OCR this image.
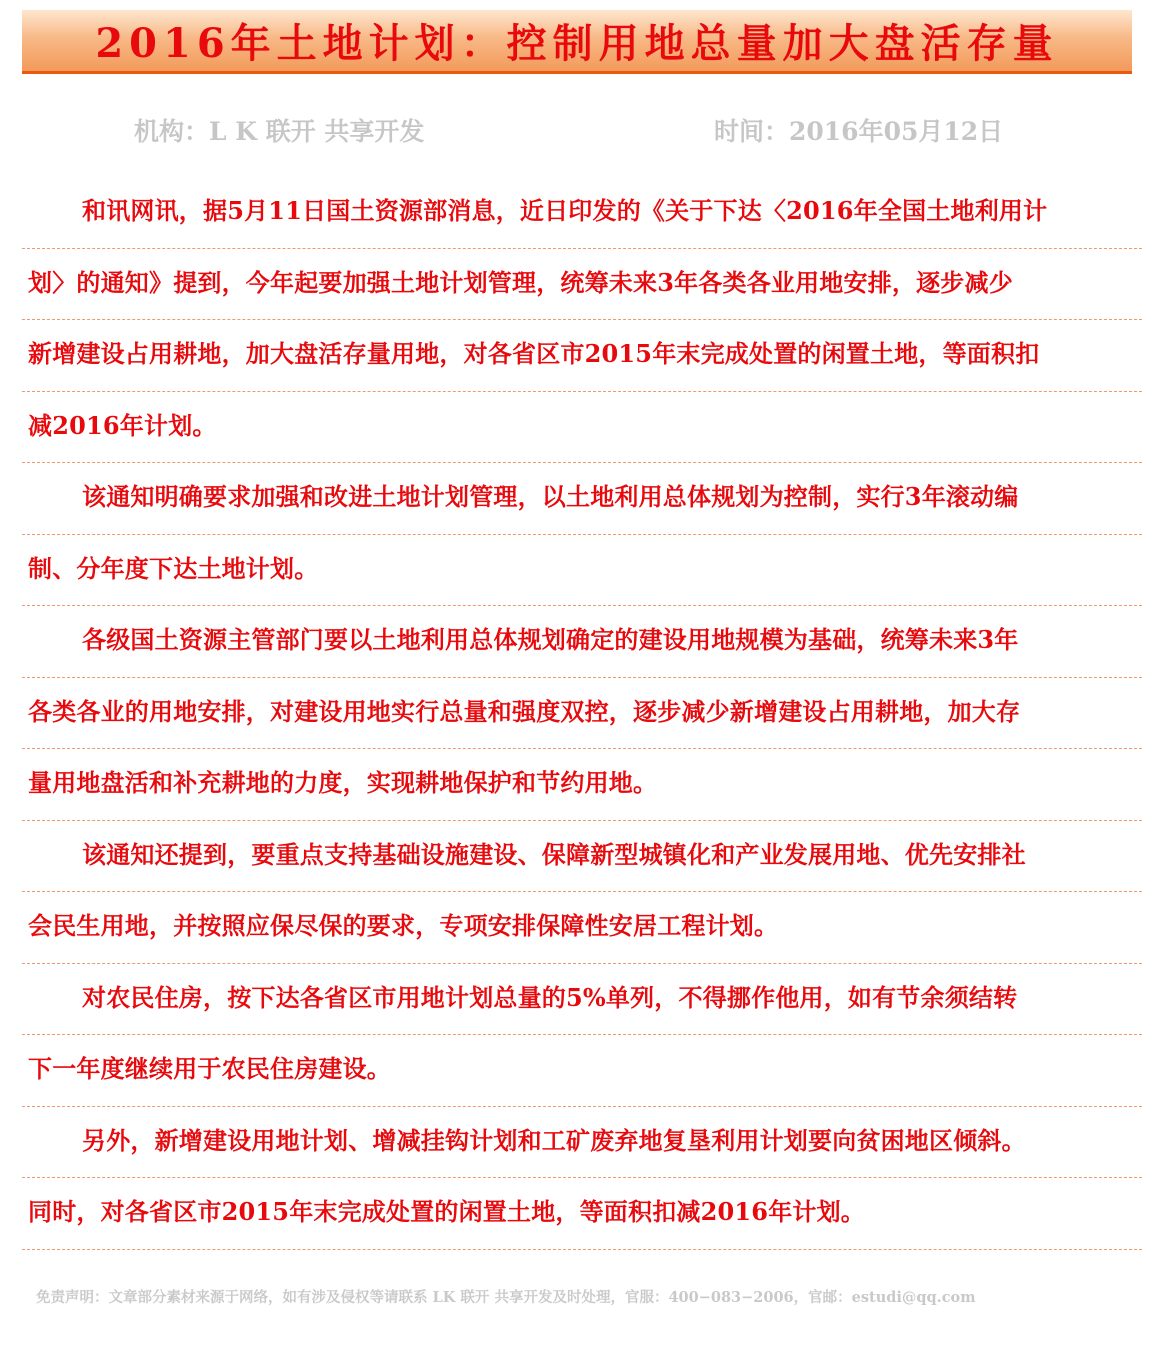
2016年土地计划：控制用地总量加大盘活存量
机构：L K 联开 共享开发	时间：2016年05月12日
和讯网讯，据5月11日国土资源部消息，近日印发的《关于下达〈2016年全国土地利用计
划〉的通知》提到，今年起要加强土地计划管理，统筹未来3年各类各业用地安排，逐步减少
新增建设占用耕地，加大盘活存量用地，对各省区市2015年末完成处置的闲置土地，等面积扣
减2016年计划。
该通知明确要求加强和改进土地计划管理，以土地利用总体规划为控制，实行3年滚动编
制、分年度下达土地计划。
各级国土资源主管部门要以土地利用总体规划确定的建设用地规模为基础，统筹未来3年
各类各业的用地安排，对建设用地实行总量和强度双控，逐步减少新增建设占用耕地，加大存
量用地盘活和补充耕地的力度，实现耕地保护和节约用地。
该通知还提到，要重点支持基础设施建设、保障新型城镇化和产业发展用地、优先安排社
会民生用地，并按照应保尽保的要求，专项安排保障性安居工程计划。
对农民住房，按下达各省区市用地计划总量的5%单列，不得挪作他用，如有节余须结转
下一年度继续用于农民住房建设。
另外，新增建设用地计划、增减挂钩计划和工矿废弃地复垦利用计划要向贫困地区倾斜。
同时，对各省区市2015年末完成处置的闲置土地，等面积扣减2016年计划。
免责声明：文章部分素材来源于网络，如有涉及侵权等请联系 LK 联开 共享开发及时处理，官服：400−083−2006，官邮：estudi@qq.com
